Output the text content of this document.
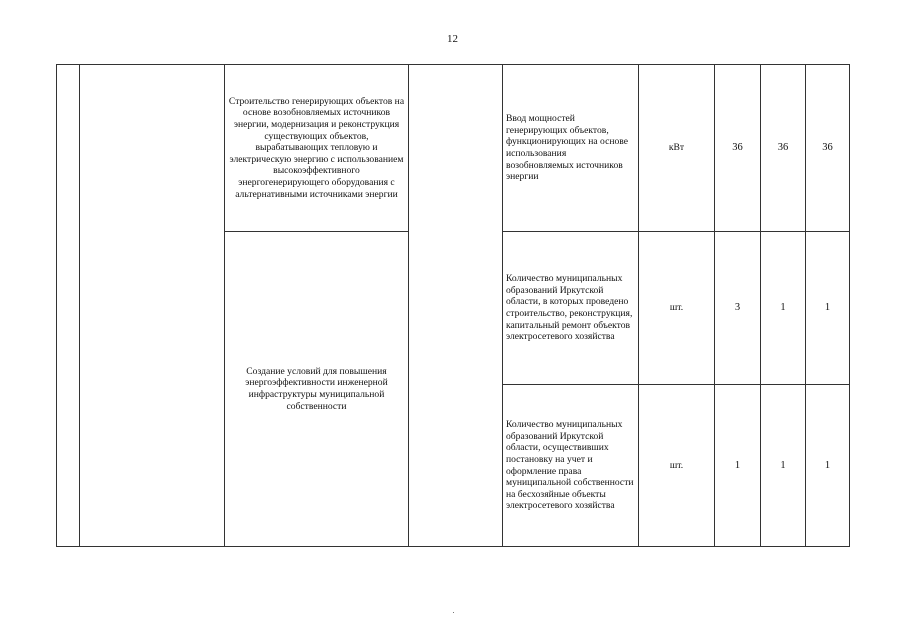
12
		Строительство генерирующих объектов на основе возобновляемых источников энергии, модернизация и реконструкция существующих объектов, вырабатывающих тепловую и электрическую энергию с использованием высокоэффективного энергогенерирующего оборудования с альтернативными источниками энергии		Ввод мощностей генерирующих объектов, функционирующих на основе использования возобновляемых источников энергии	кВт	36	36	36
		Создание условий для повышения энергоэффективности инженерной инфраструктуры муниципальной собственности		Количество муниципальных образований Иркутской области, в которых проведено строительство, реконструкция, капитальный ремонт объектов электросетевого хозяйства	шт.	3	1	1
				Количество муниципальных образований Иркутской области, осуществивших постановку на учет и оформление права муниципальной собственности на бесхозяйные объекты электросетевого хозяйства	шт.	1	1	1
